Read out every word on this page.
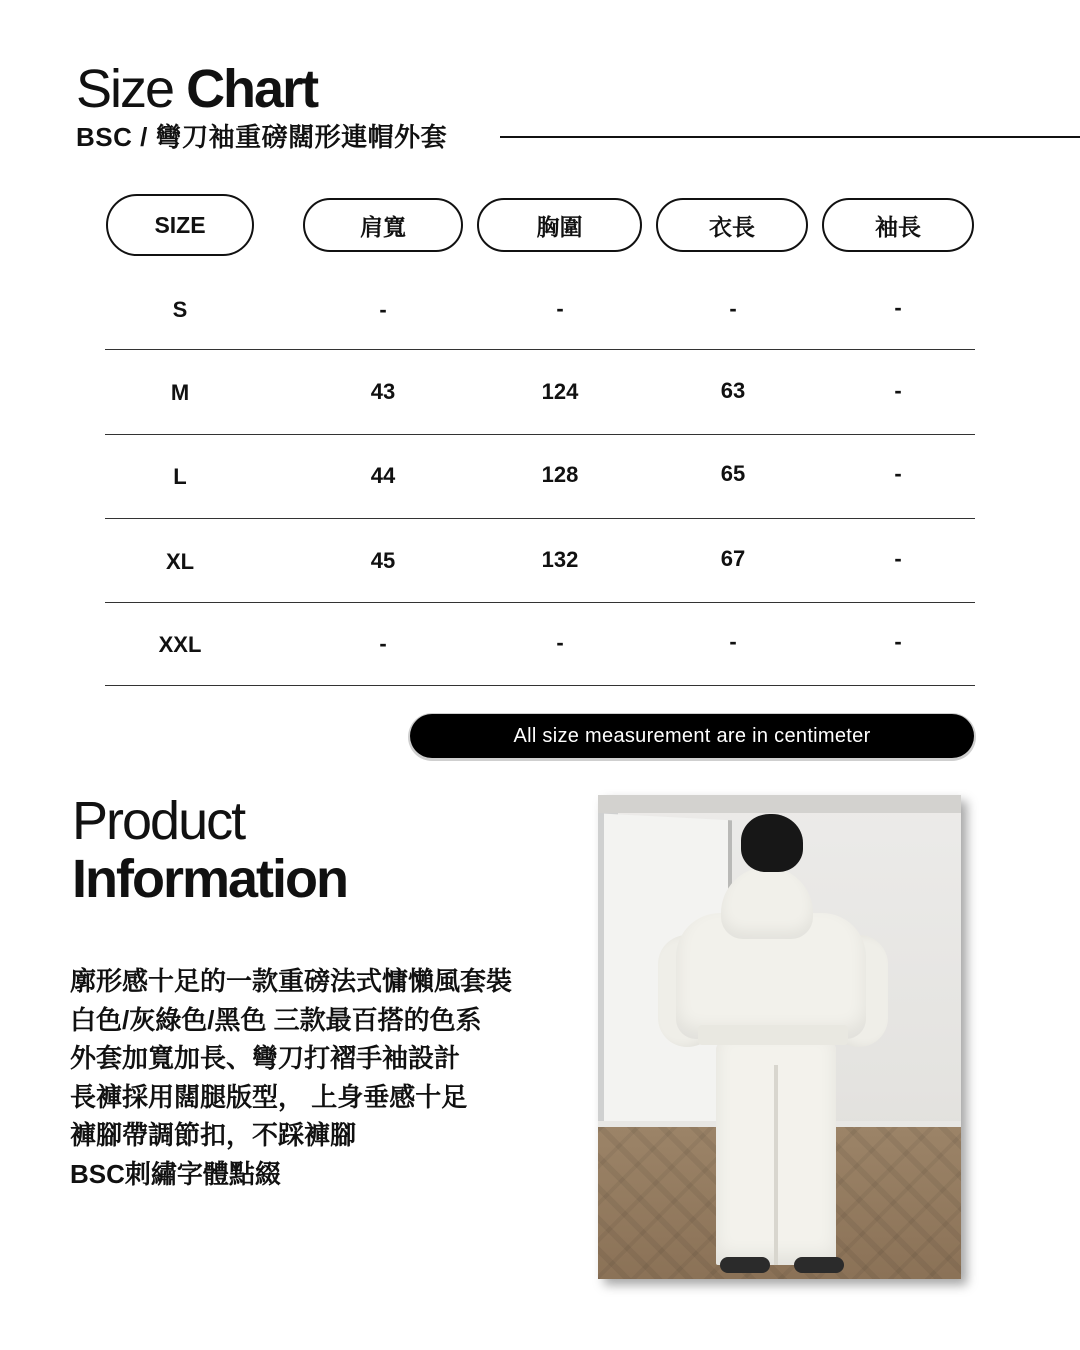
Size Chart
BSC / 彎刀袖重磅闊形連帽外套
SIZE	肩寬	胸圍	衣長	袖長
S	-	-	-	-
M	43	124	63	-
L	44	128	65	-
XL	45	132	67	-
XXL	-	-	-	-
All size measurement are in centimeter
Product
Information
廓形感十足的一款重磅法式慵懶風套裝
白色/灰綠色/黑色 三款最百搭的色系
外套加寬加長、彎刀打褶手袖設計
長褲採用闊腿版型， 上身垂感十足
褲腳帶調節扣，不踩褲腳
BSC刺繡字體點綴
